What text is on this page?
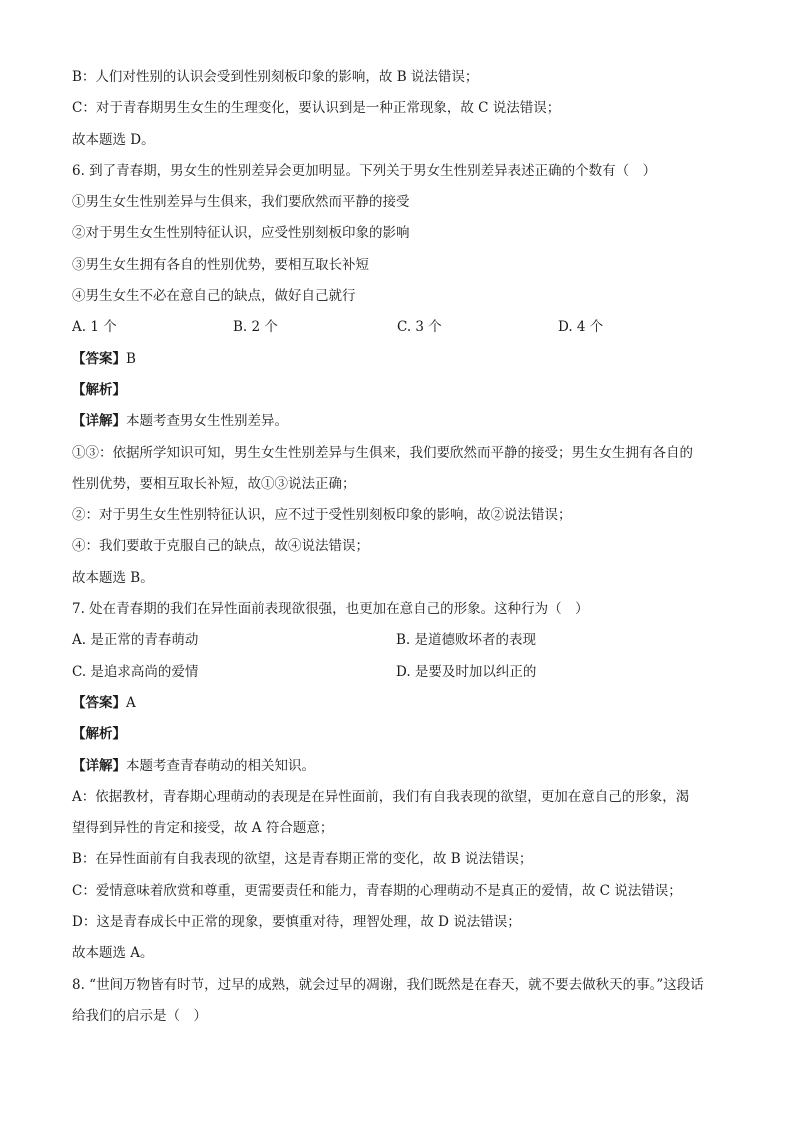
B：人们对性别的认识会受到性别刻板印象的影响，故 B 说法错误；
C：对于青春期男生女生的生理变化，要认识到是一种正常现象，故 C 说法错误；
故本题选 D。
6. 到了青春期，男女生的性别差异会更加明显。下列关于男女生性别差异表述正确的个数有（　）
①男生女生性别差异与生俱来，我们要欣然而平静的接受
②对于男生女生性别特征认识，应受性别刻板印象的影响
③男生女生拥有各自的性别优势，要相互取长补短
④男生女生不必在意自己的缺点，做好自己就行
A. 1 个	B. 2 个	C. 3 个	D. 4 个
【答案】B
【解析】
【详解】本题考查男女生性别差异。
①③：依据所学知识可知，男生女生性别差异与生俱来，我们要欣然而平静的接受；男生女生拥有各自的
性别优势，要相互取长补短，故①③说法正确；
②：对于男生女生性别特征认识，应不过于受性别刻板印象的影响，故②说法错误；
④：我们要敢于克服自己的缺点，故④说法错误；
故本题选 B。
7. 处在青春期的我们在异性面前表现欲很强，也更加在意自己的形象。这种行为（　）
A. 是正常的青春萌动	B. 是道德败坏者的表现
C. 是追求高尚的爱情	D. 是要及时加以纠正的
【答案】A
【解析】
【详解】本题考查青春萌动的相关知识。
A：依据教材，青春期心理萌动的表现是在异性面前，我们有自我表现的欲望，更加在意自己的形象，渴
望得到异性的肯定和接受，故 A 符合题意；
B：在异性面前有自我表现的欲望，这是青春期正常的变化，故 B 说法错误；
C：爱情意味着欣赏和尊重，更需要责任和能力，青春期的心理萌动不是真正的爱情，故 C 说法错误；
D：这是青春成长中正常的现象，要慎重对待，理智处理，故 D 说法错误；
故本题选 A。
8. “世间万物皆有时节，过早的成熟，就会过早的凋谢，我们既然是在春天，就不要去做秋天的事。”这段话
给我们的启示是（　）
